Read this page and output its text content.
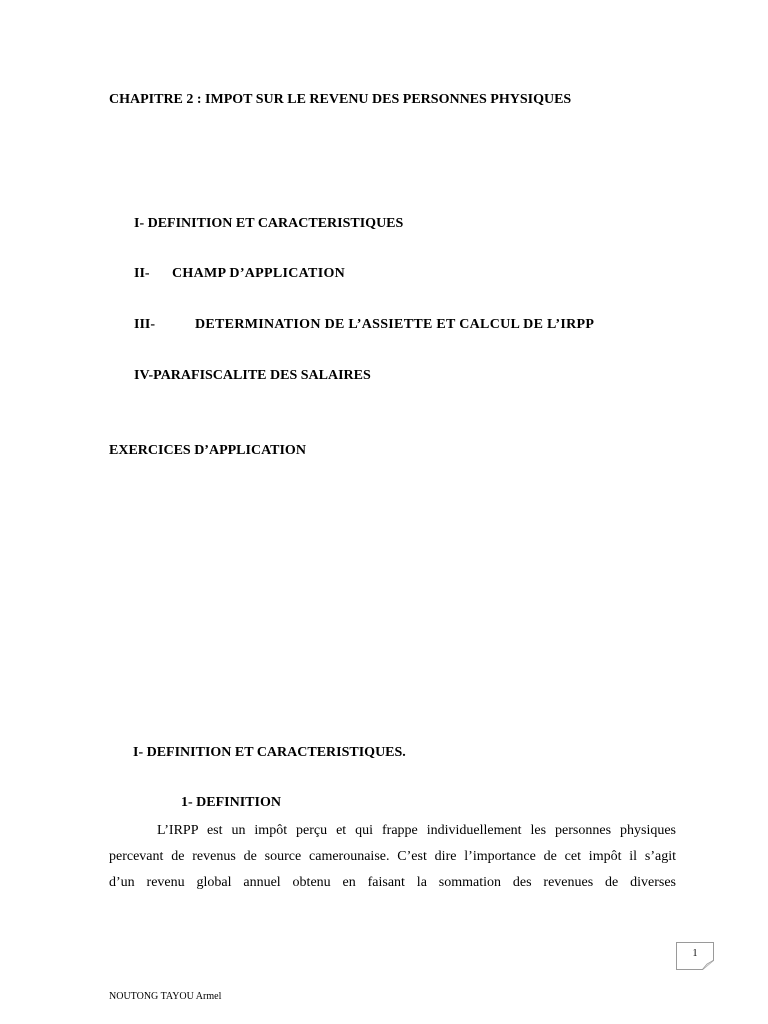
CHAPITRE 2 : IMPOT SUR LE REVENU DES PERSONNES PHYSIQUES
I- DEFINITION ET CARACTERISTIQUES
II- CHAMP D’APPLICATION
III-	DETERMINATION DE L’ASSIETTE ET CALCUL DE L’IRPP
IV-PARAFISCALITE DES SALAIRES
EXERCICES D’APPLICATION
I- DEFINITION ET CARACTERISTIQUES.
1- DEFINITION
L’IRPP est un impôt perçu et qui frappe individuellement les personnes physiques
percevant de revenus de source camerounaise. C’est dire l’importance de cet impôt il s’agit
d’un revenu global annuel obtenu en faisant la sommation des revenues de diverses
1
NOUTONG TAYOU Armel
